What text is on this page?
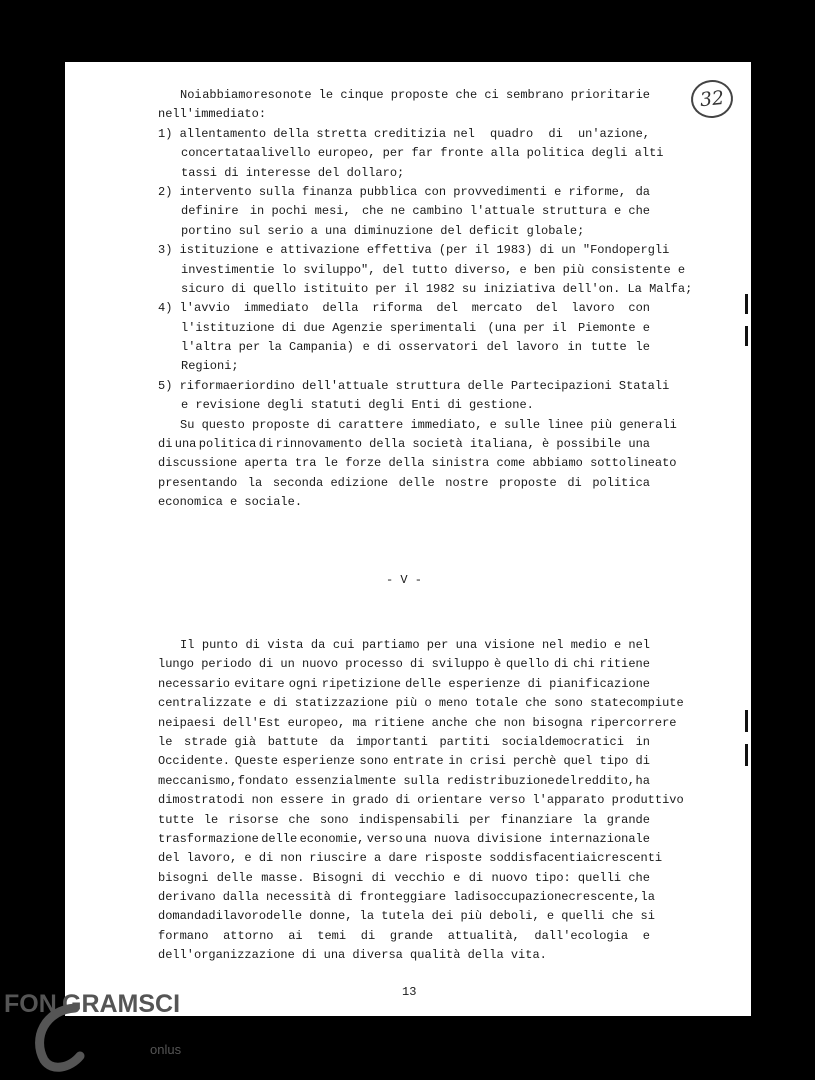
32
Noi abbiamo reso note le cinque proposte che ci sembrano prioritarie
nell'immediato:
1) allentamento della stretta creditizia nel quadro di un'azione,
concertata a livello europeo, per far fronte alla politica degli alti
tassi di interesse del dollaro;
2) intervento sulla finanza pubblica con provvedimenti e riforme, da
definire in pochi mesi, che ne cambino l'attuale struttura e che
portino sul serio a una diminuzione del deficit globale;
3) istituzione e attivazione effettiva (per il 1983) di un "Fondo per gli
investimenti e lo sviluppo", del tutto diverso, e ben più consistente e
sicuro di quello istituito per il 1982 su iniziativa dell'on. La Malfa;
4) l'avvio immediato della riforma del mercato del lavoro con
l'istituzione di due Agenzie sperimentali (una per il Piemonte e
l'altra per la Campania) e di osservatori del lavoro in tutte le
Regioni;
5) riforma e riordino dell'attuale struttura delle Partecipazioni Statali
e revisione degli statuti degli Enti di gestione.
Su questo proposte di carattere immediato, e sulle linee più generali
di una politica di rinnovamento della società italiana, è possibile una
discussione aperta tra le forze della sinistra come abbiamo sottolineato
presentando la seconda edizione delle nostre proposte di politica
economica e sociale.
- V -
Il punto di vista da cui partiamo per una visione nel medio e nel
lungo periodo di un nuovo processo di sviluppo è quello di chi ritiene
necessario evitare ogni ripetizione delle esperienze di pianificazione
centralizzate e di statizzazione più o meno totale che sono state compiute
nei paesi dell'Est europeo, ma ritiene anche che non bisogna ripercorrere
le strade già battute da importanti partiti socialdemocratici in
Occidente. Queste esperienze sono entrate in crisi perchè quel tipo di
meccanismo, fondato essenzialmente sulla redistribuzione del reddito, ha
dimostrato di non essere in grado di orientare verso l'apparato produttivo
tutte le risorse che sono indispensabili per finanziare la grande
trasformazione delle economie, verso una nuova divisione internazionale
del lavoro, e di non riuscire a dare risposte soddisfacenti ai crescenti
bisogni delle masse. Bisogni di vecchio e di nuovo tipo: quelli che
derivano dalla necessità di fronteggiare la disoccupazione crescente, la
domanda di lavoro delle donne, la tutela dei più deboli, e quelli che si
formano attorno ai temi di grande attualità, dall'ecologia e
dell'organizzazione di una diversa qualità della vita.
13
FON GRAMSCI
onlus
